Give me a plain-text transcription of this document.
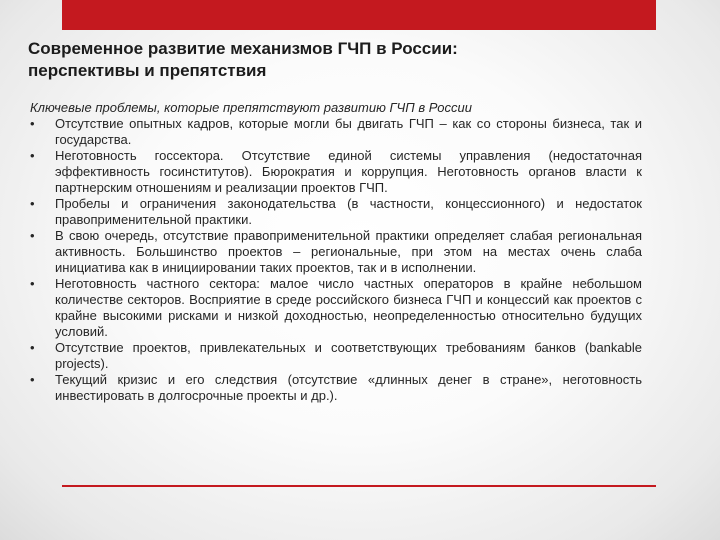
Современное развитие механизмов ГЧП в России:
перспективы и препятствия
Ключевые проблемы, которые препятствуют развитию ГЧП в России
• Отсутствие опытных кадров, которые могли бы двигать ГЧП – как со стороны бизнеса, так и государства.
• Неготовность госсектора. Отсутствие единой системы управления (недостаточная эффективность госинститутов). Бюрократия и коррупция. Неготовность органов власти к партнерским отношениям и реализации проектов ГЧП.
• Пробелы и ограничения законодательства (в частности, концессионного) и недостаток правоприменительной практики.
• В свою очередь, отсутствие правоприменительной практики определяет слабая региональная активность. Большинство проектов – региональные, при этом на местах очень слаба инициатива как в инициировании таких проектов, так и в исполнении.
• Неготовность частного сектора: малое число частных операторов в крайне небольшом количестве секторов. Восприятие в среде российского бизнеса ГЧП и концессий как проектов с крайне высокими рисками и низкой доходностью, неопределенностью относительно будущих условий.
• Отсутствие проектов, привлекательных и соответствующих требованиям банков (bankable projects).
• Текущий кризис и его следствия (отсутствие «длинных денег в стране», неготовность инвестировать в долгосрочные проекты и др.).
